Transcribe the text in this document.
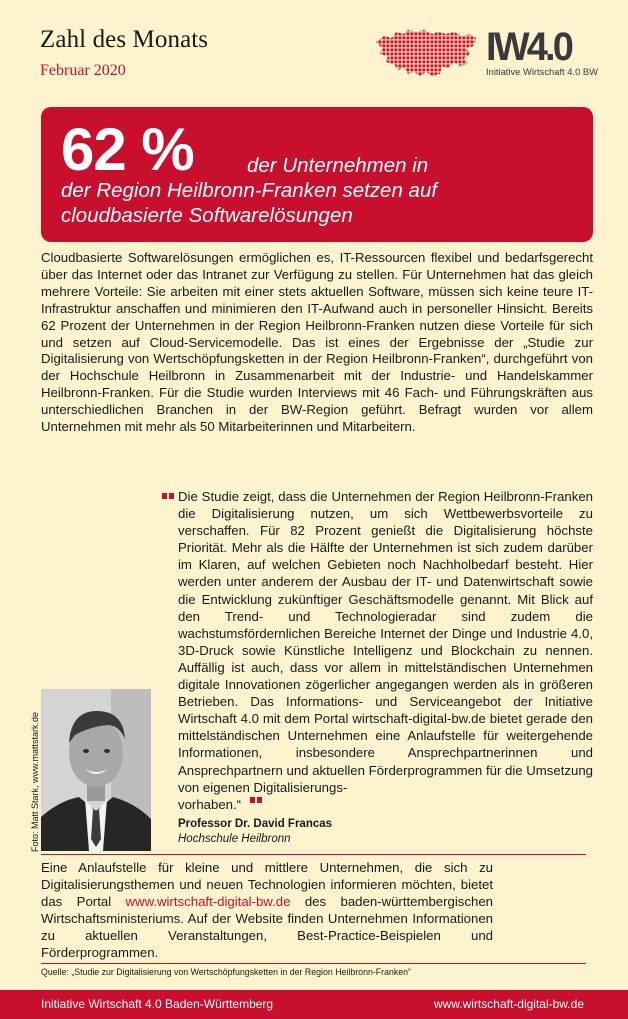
Zahl des Monats
Februar 2020
IW4.0
Initiative Wirtschaft 4.0 BW
62 %	der Unternehmen in
der Region Heilbronn-Franken setzen auf
cloudbasierte Softwarelösungen

Cloudbasierte Softwarelösungen ermöglichen es, IT-Ressourcen flexibel und bedarfsgerecht über das Internet oder das Intranet zur Verfügung zu stellen. Für Unternehmen hat das gleich mehrere Vorteile: Sie arbeiten mit einer stets aktuellen Software, müssen sich keine teure IT-Infrastruktur anschaffen und minimieren den IT-Aufwand auch in personeller Hinsicht. Bereits 62 Prozent der Unternehmen in der Region Heilbronn-Franken nutzen diese Vorteile für sich und setzen auf Cloud-Servicemodelle. Das ist eines der Ergebnisse der „Studie zur Digitalisierung von Wertschöpfungsketten in der Region Heilbronn-Franken“, durchgeführt von der Hochschule Heilbronn in Zusammenarbeit mit der Industrie- und Handelskammer Heilbronn-Franken. Für die Studie wurden Interviews mit 46 Fach- und Führungskräften aus unterschiedlichen Branchen in der BW-Region geführt. Befragt wurden vor allem Unternehmen mit mehr als 50 Mitarbeiterinnen und Mitarbeitern.

Die Studie zeigt, dass die Unternehmen der Region Heilbronn-Franken die Digitalisierung nutzen, um sich Wettbewerbsvorteile zu verschaffen. Für 82 Prozent genießt die Digitalisierung höchste Priorität. Mehr als die Hälfte der Unternehmen ist sich zudem darüber im Klaren, auf welchen Gebieten noch Nachholbedarf besteht. Hier werden unter anderem der Ausbau der IT- und Datenwirtschaft sowie die Entwicklung zukünftiger Geschäftsmodelle genannt. Mit Blick auf den Trend- und Technologieradar sind zudem die wachstumsfördernlichen Bereiche Internet der Dinge und Industrie 4.0, 3D-Druck sowie Künstliche Intelligenz und Blockchain zu nennen. Auffällig ist auch, dass vor allem in mittelständischen Unternehmen digitale Innovationen zögerlicher angegangen werden als in größeren Betrieben. Das Informations- und Serviceangebot der Initiative Wirtschaft 4.0 mit dem Portal wirtschaft-digital-bw.de bietet gerade den mittelständischen Unternehmen eine Anlaufstelle für weitergehende Informationen, insbesondere Ansprechpartnerinnen und Ansprechpartnern und aktuellen Förderprogrammen für die Umsetzung von eigenen Digitalisierungs-

vorhaben.“

Foto: Matt Stark, www.mattstark.de	Professor Dr. David Francas
Hochschule Heilbronn

Eine Anlaufstelle für kleine und mittlere Unternehmen, die sich zu Digitalisierungsthemen und neuen Technologien informieren möchten, bietet das Portal www.wirtschaft-digital-bw.de des baden-württembergischen Wirtschaftsministeriums. Auf der Website finden Unternehmen Informationen zu aktuellen Veranstaltungen, Best-Practice-Beispielen und Förderprogrammen.

Quelle: „Studie zur Digitalisierung von Wertschöpfungsketten in der Region Heilbronn-Franken“
Initiative Wirtschaft 4.0 Baden-Württemberg	www.wirtschaft-digital-bw.de
